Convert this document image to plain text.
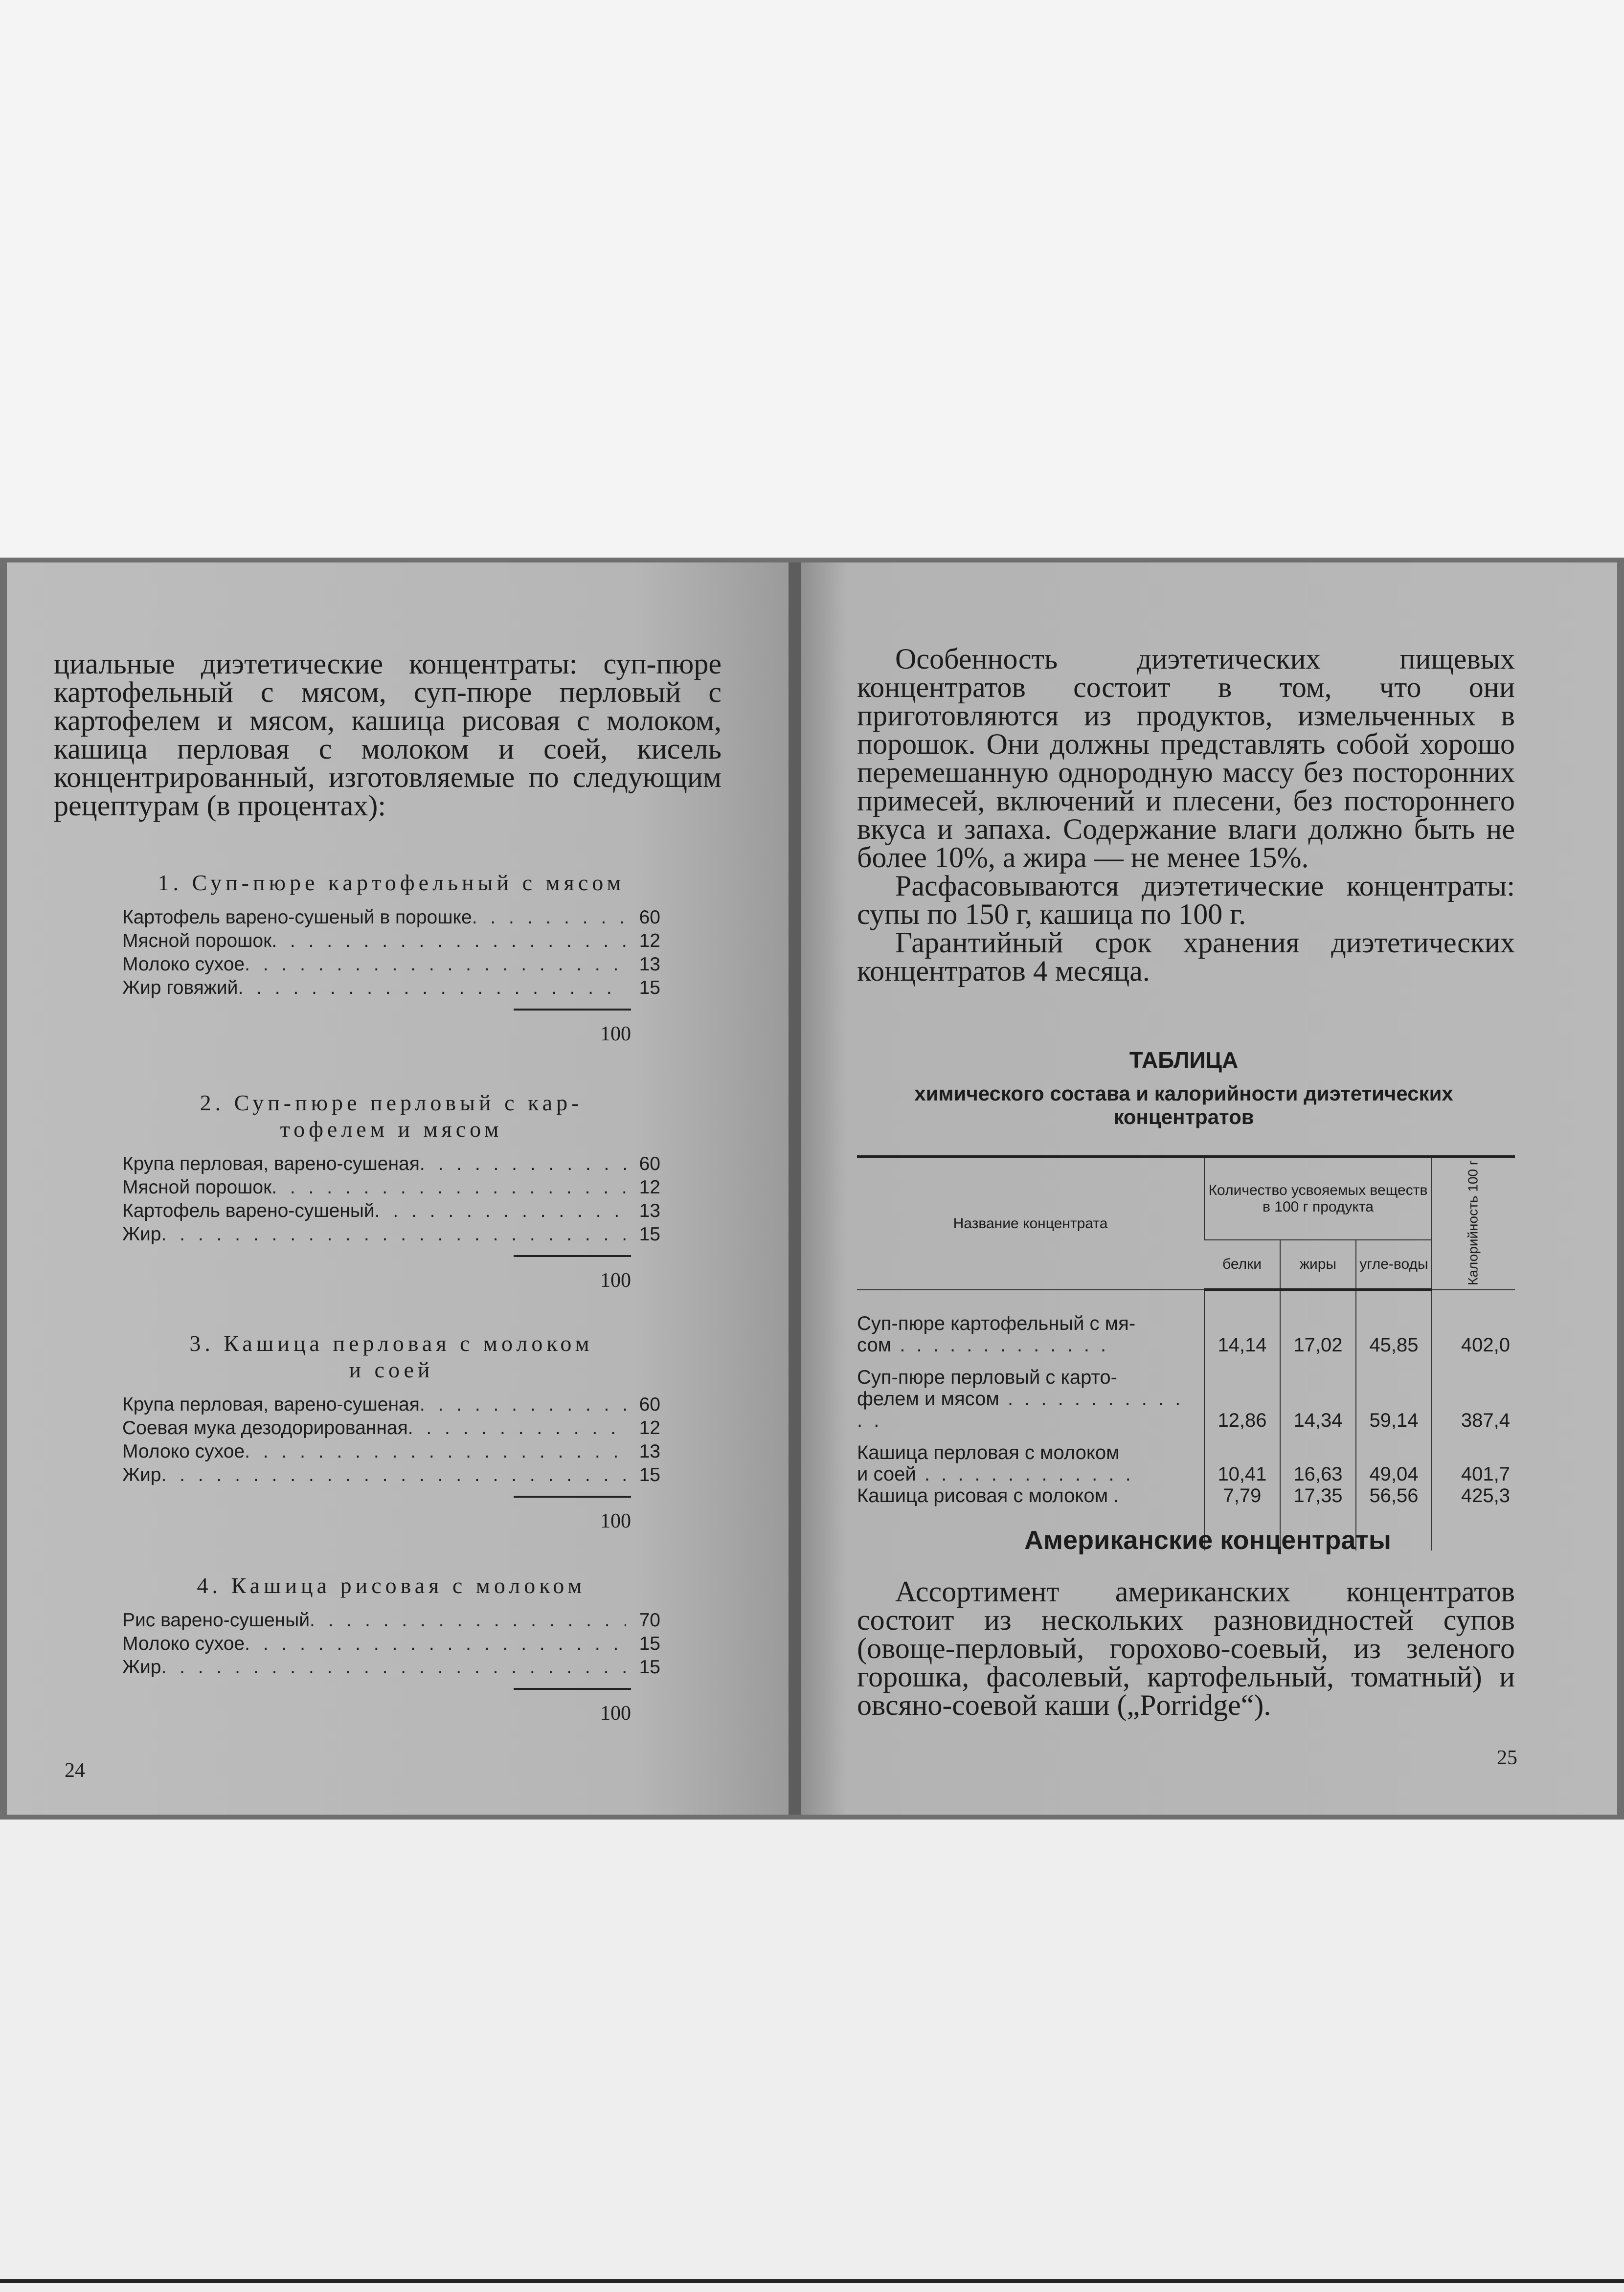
циальные диэтетические концентраты: суп-пюре картофельный с мясом, суп-пюре перловый с картофелем и мясом, кашица рисовая с молоком, кашица перловая с молоком и соей, кисель концентрированный, изготовляемые по следующим рецептурам (в процентах):

1. Суп-пюре картофельный с мясом
Картофель варено-сушеный в порошке . . .	60
Мясной порошок . . .	12
Молоко сухое . . .	13
Жир говяжий . . .	15
100
2. Суп-пюре перловый с кар-
тофелем и мясом
Крупа перловая, варено-сушеная . . .	60
Мясной порошок . . .	12
Картофель варено-сушеный . . .	13
Жир . . .	15
100
3. Кашица перловая с молоком
и соей
Крупа перловая, варено-сушеная . . .	60
Соевая мука дезодорированная . . .	12
Молоко сухое . . .	13
Жир . . .	15
100
4. Кашица рисовая с молоком
Рис варено-сушеный . . .	70
Молоко сухое . . .	15
Жир . . .	15
100
24

Особенность диэтетических пищевых концентратов состоит в том, что они приготовляются из продуктов, измельченных в порошок. Они должны представлять собой хорошо перемешанную однородную массу без посторонних примесей, включений и плесени, без постороннего вкуса и запаха. Содержание влаги должно быть не более 10%, а жира — не менее 15%.

Расфасовываются диэтетические концентраты: супы по 150 г, кашица по 100 г.

Гарантийный срок хранения диэтетических концентратов 4 месяца.

ТАБЛИЦА
химического состава и калорийности диэтетических концентратов
Название концентрата	Количество усвояемых веществ в 100 г продукта			Калорийность 100 г
	белки	жиры	угле-воды	
Суп-пюре картофельный с мя-
сом . . .	14,14	17,02	45,85	402,0
Суп-пюре перловый с карто-
фелем и мясом . . .	12,86	14,34	59,14	387,4
Кашица перловая с молоком
и соей . . .	10,41	16,63	49,04	401,7
Кашица рисовая с молоком .	7,79	17,35	56,56	425,3
Американские концентраты

Ассортимент американских концентратов состоит из нескольких разновидностей супов (овоще-перловый, горохово-соевый, из зеленого горошка, фасолевый, картофельный, томатный) и овсяно-соевой каши („Porridge“).

25
